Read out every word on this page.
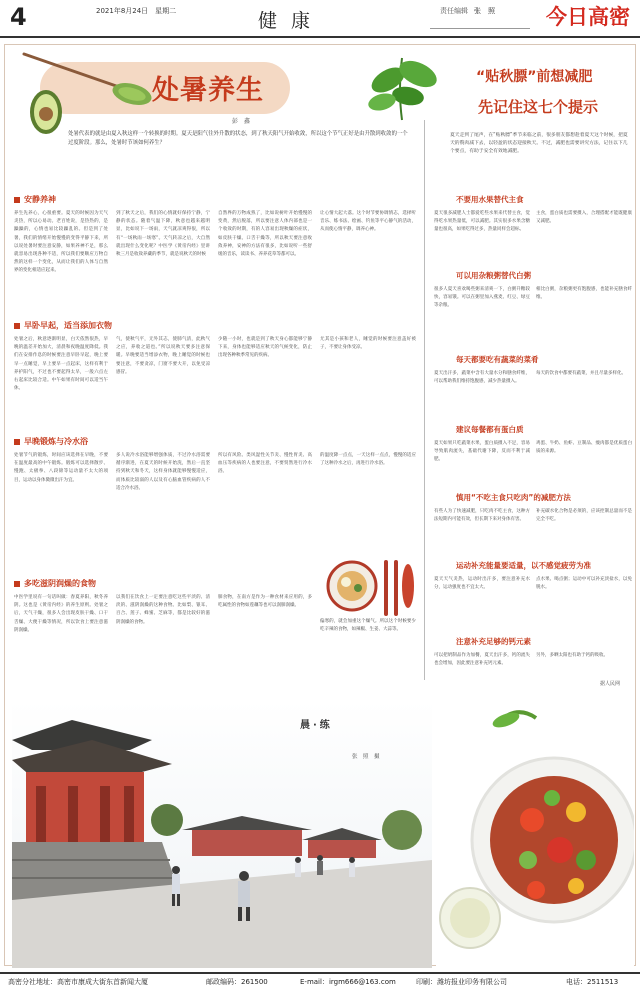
4	2021年8月24日　星期二	健康	责任编辑 张　照 今日高密
处暑养生
彭　鑫
处暑代表的就是由夏入秋这样一个转换的时期。夏天是阳气往外升散的状态，到了秋天阳气开始收敛，所以这个节气正好是由升散到收敛的一个过度阶段。那么，处暑时节该如何养生？
“贴秋膘”前想减肥
先记住这七个提示
夏天走到了尾声，在“贴秋膘”季节来临之前，很多朋友都想趁着夏天这个时候，把夏天的赘肉减下去，以轻盈的状态迎接秋天。不过，减肥也需要讲究方法，记住以下几个要点，有助于安全有效地减肥。
安静养神
养生先养心，心很重要。夏天的时候因为天气炎热，所以心易动。老百姓说，是热热的，是躁躁的，心情也易比较躁乱的。但是到了处暑，我们的情绪开始慢慢的变得平静下来，所以说处暑时要注意安静，如果养神不足，那么就容易出现各种不适，所以我们要顺应万物自然的这样一个变化，从而让我们的人体与自然界的变化相适应起来。
到了秋天之后，我们的心情就好保持宁静，宁静的状态。随着气温下降，秋意也越来越明显，比如说下一场雨，天气就凉爽得很，所以有“一场秋雨一场寒”。天气转凉之后，大自然就出现什么变化呢？中医学《黄帝内经》里讲秋三月是收敛养藏的季节，就是说秋天的时候
自然界的万物成熟了，比如说树叶开始慢慢的变黄，然后脱落，所以要注意人体内部也是一个收敛的时期，有的人容易出现秋燥的症状，如皮肤干燥、口舌干燥等，所以秋天要注意收敛养神，安神的方法有很多，比如说听一些舒缓的音乐，读读书、养养花草等都可以。
让心情大起大落。这个时节要协调情志，选择听音乐、练书法、绘画、钓鱼等平心静气的活动，从而使心情平静，调养心神。
早卧早起，适当添加衣物
处暑之后，秋意逐渐明显，白天依然很热，早晚的温差开始加大，清晨和夜晚温度降低。我们在安排作息的时候要注意早卧早起，晚上要早一点睡觉，早上要早一点起床，这样有利于养护阳气，不过也不要起得太早，一般六点左右起床比较合适。中午如果有时间可以适当午休。
气，使秋气平，无外其志，使肺气清，此秋气之应，养收之道也。”所以说秋天要多注意保暖。早晚要适当增添衣物，晚上睡觉的时候也要注意，不要贪凉，门窗不要大开，以免受凉感冒。
少随一小时，也就是到了秋天身心都能够宁静下来，身体也能够适应秋天的气候变化，防止出现各种秋季常见的疾病。
尤其是小孩和老人，睡觉的时候要注意盖好被子，不要让身体受凉。
早晚锻炼与冷水浴
处暑节气的锻炼，时间应该选择在早晚，不要在温度最高的中午锻炼。锻炼可以选择散步、慢跑、太极拳、八段锦等运动量不太大的项目，运动以身体微微出汗为宜。
多人说冷水浴能够增强体质，不过冷水浴需要循序渐进，在夏天的时候开始洗，然后一直坚持到秋天和冬天，这样身体就能够慢慢适应，而体质比较弱的人以及有心脑血管疾病的人不适合冷水浴。
所以有风险。类风湿性关节炎、慢性胃炎、高血压等疾病的人也要注意，不要贸然进行冷水浴。
的温度降一点点，一天这样一点点，慢慢的适应了这种冷水之后，再进行冷水浴。
多吃滋阴润燥的食物
中医学里说有一句话叫做：春夏养阳，秋冬养阴。这也是《黄帝内经》的养生原则。处暑之后，天气干燥，很多人会出现皮肤干燥、口干舌燥、大便干燥等情况，所以饮食上要注意滋阴润燥。
以我们在饮食上一定要注意吃这些平淡的、清淡的、滋阴润燥的这种食物。比如梨、银耳、百合、莲子、蜂蜜、芝麻等，都是比较好的滋阴润燥的食物。
肺食物，在南方是作为一种食材来应用的，多吃属性的食物如莲藕等也可以润肺润燥。
偏寒的，就会加重这个燥气。所以这个时候要少吃辛辣的食物，如辣椒、生姜、大蒜等。
不要用水果替代主食
夏天很多减肥人士都爱吃些水果来代替主食，觉得吃水果热量低，可以减肥。其实很多水果含糖量也很高，如果吃得过多，热量同样会超标。
主食，蛋白质也需要摄入，合理搭配才能既健康又减肥。
可以用杂粮粥替代白粥
很多人夏天喜欢喝些粥来清爽一下，白粥升糖较快，容易饿。可以在粥里加入燕麦、红豆、绿豆等杂粮。
相比白粥，杂粮粥更有饱腹感，也能补充膳食纤维。
每天都要吃有蔬菜的菜肴
夏天出汗多，蔬菜中含有大量水分和膳食纤维，可以帮助我们维持饱腹感，减少热量摄入。
每天的饮食中都要有蔬菜，并且尽量多样化。
建议每餐都有蛋白质
夏天如果只吃蔬菜水果，蛋白质摄入不足，容易导致肌肉流失，基础代谢下降，反而不利于减肥。
鸡蛋、牛奶、鱼虾、豆制品、瘦肉都是优质蛋白质的来源。
慎用“不吃主食只吃肉”的减肥方法
有些人为了快速减肥，只吃肉不吃主食，这种方法短期内可能有效，但长期下来对身体有害。
补充碳水化合物是必须的，应该控制总量而不是完全不吃。
运动补充能量要适量，以不感觉疲劳为准
夏天天气炎热，运动时出汗多，要注意补充水分，运动强度也不宜太大。
点水果、喝点粥；运动中可以补充淡盐水，以免脱水。
注意补充足够的钙元素
可以把奶制品作为加餐，夏天出汗多，钙的流失也会增加，因此要注意补充钙元素。
另外，多晒太阳也有助于钙的吸收。
据人民网
晨·练
张　照　摄
高密分社地址：高密市康成大街东首新闻大厦	邮政编码：261500	E-mail：irgm666@163.com	印刷：潍坊报业印务有限公司	电话：2511513
